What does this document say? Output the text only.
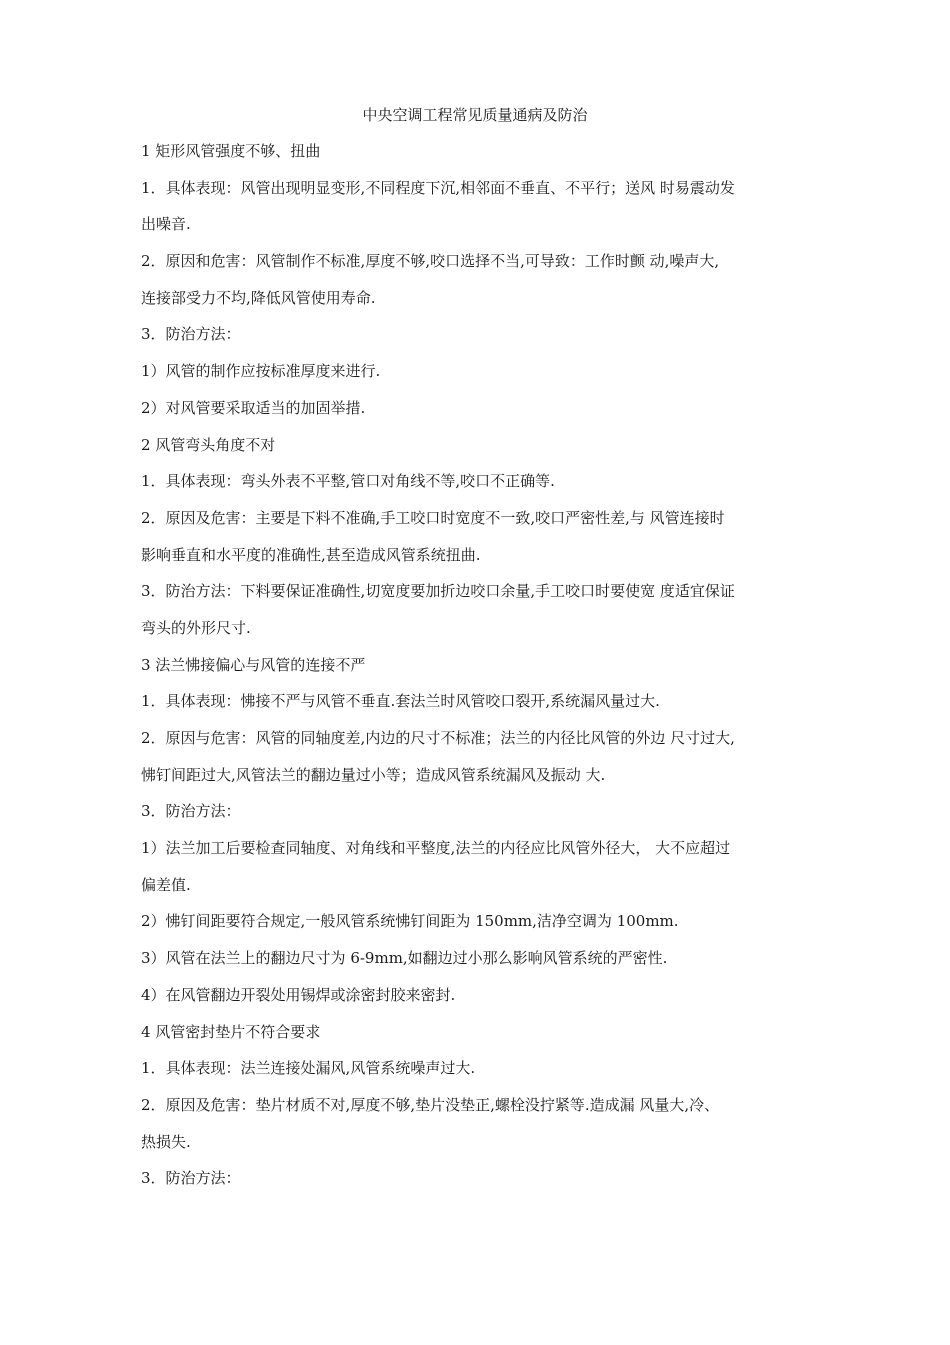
中央空调工程常见质量通病及防治
1 矩形风管强度不够、扭曲
1．具体表现：风管出现明显变形,不同程度下沉,相邻面不垂直、不平行；送风 时易震动发
出噪音.
2．原因和危害：风管制作不标准,厚度不够,咬口选择不当,可导致：工作时颤 动,噪声大,
连接部受力不均,降低风管使用寿命.
3．防治方法：
1）风管的制作应按标准厚度来进行.
2）对风管要采取适当的加固举措.
2 风管弯头角度不对
1．具体表现：弯头外表不平整,管口对角线不等,咬口不正确等.
2．原因及危害：主要是下料不准确,手工咬口时宽度不一致,咬口严密性差,与 风管连接时
影响垂直和水平度的准确性,甚至造成风管系统扭曲.
3．防治方法：下料要保证准确性,切宽度要加折边咬口余量,手工咬口时要使宽 度适宜保证
弯头的外形尺寸.
3 法兰怫接偏心与风管的连接不严
1．具体表现：怫接不严与风管不垂直.套法兰时风管咬口裂开,系统漏风量过大.
2．原因与危害：风管的同轴度差,内边的尺寸不标准；法兰的内径比风管的外边 尺寸过大,
怫钉间距过大,风管法兰的翻边量过小等；造成风管系统漏风及振动 大.
3．防治方法：
1）法兰加工后要检查同轴度、对角线和平整度,法兰的内径应比风管外径大， 大不应超过
偏差值.
2）怫钉间距要符合规定,一般风管系统怫钉间距为 150mm,洁净空调为 100mm.
3）风管在法兰上的翻边尺寸为 6-9mm,如翻边过小那么影响风管系统的严密性.
4）在风管翻边开裂处用锡焊或涂密封胶来密封.
4 风管密封垫片不符合要求
1．具体表现：法兰连接处漏风,风管系统噪声过大.
2．原因及危害：垫片材质不对,厚度不够,垫片没垫正,螺栓没拧紧等.造成漏 风量大,冷、
热损失.
3．防治方法：
